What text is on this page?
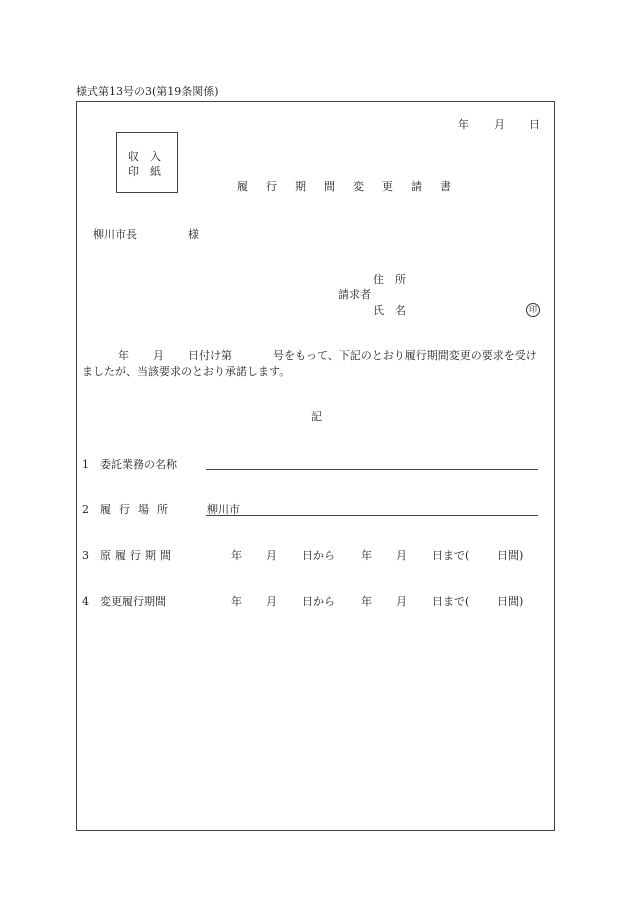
様式第13号の3(第19条関係)
年 月 日
収　入
印　紙
履行期間変更請書
柳川市長	様
住　所
請求者
氏　名	印
年 月 日付け第	号をもって、下記のとおり履行期間変更の要求を受け
ましたが、当該要求のとおり承諾します。
記
1 委託業務の名称
2 履行場所	柳川市
3 原履行期間	年 月 日から 年 月 日まで(	日間)
4 変更履行期間	年 月 日から 年 月 日まで(	日間)
